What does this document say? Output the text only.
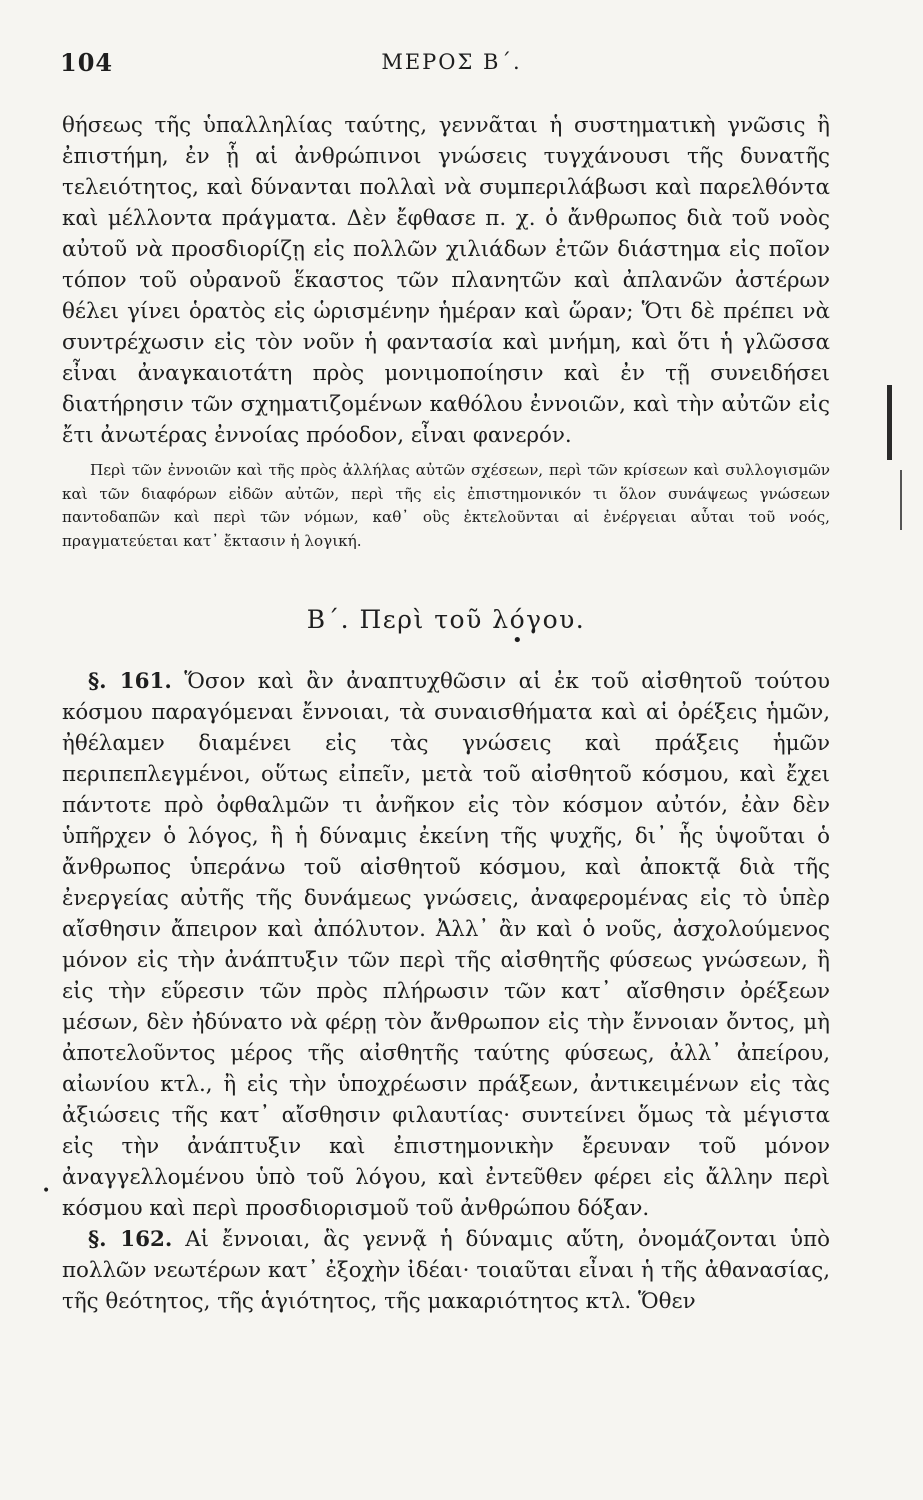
104	ΜΕΡΟΣ Β΄.

θήσεως τῆς ὑπαλληλίας ταύτης, γεννᾶται ἡ συστηματικὴ γνῶσις ἢ ἐπιστήμη, ἐν ᾗ αἱ ἀνθρώπινοι γνώσεις τυγχάνουσι τῆς δυνατῆς τελειότητος, καὶ δύνανται πολλαὶ νὰ συμπεριλάβωσι καὶ παρελθόντα καὶ μέλλοντα πράγματα. Δὲν ἔφθασε π. χ. ὁ ἄνθρωπος διὰ τοῦ νοὸς αὐτοῦ νὰ προσδιορίζῃ εἰς πολλῶν χιλιάδων ἐτῶν διάστημα εἰς ποῖον τόπον τοῦ οὐρανοῦ ἕκαστος τῶν πλανητῶν καὶ ἀπλανῶν ἀστέρων θέλει γίνει ὁρατὸς εἰς ὡρισμένην ἡμέραν καὶ ὥραν; Ὅτι δὲ πρέπει νὰ συντρέχωσιν εἰς τὸν νοῦν ἡ φαντασία καὶ μνήμη, καὶ ὅτι ἡ γλῶσσα εἶναι ἀναγκαιοτάτη πρὸς μονιμοποίησιν καὶ ἐν τῇ συνειδήσει διατήρησιν τῶν σχηματιζομένων καθόλου ἐννοιῶν, καὶ τὴν αὐτῶν εἰς ἔτι ἀνωτέρας ἐννοίας πρόοδον, εἶναι φανερόν.

Περὶ τῶν ἐννοιῶν καὶ τῆς πρὸς ἀλλήλας αὐτῶν σχέσεων, περὶ τῶν κρίσεων καὶ συλλογισμῶν καὶ τῶν διαφόρων εἰδῶν αὐτῶν, περὶ τῆς εἰς ἐπιστημονικόν τι ὅλον συνάψεως γνώσεων παντοδαπῶν καὶ περὶ τῶν νόμων, καθ᾽ οὓς ἐκτελοῦνται αἱ ἐνέργειαι αὗται τοῦ νοός, πραγματεύεται κατ᾽ ἔκτασιν ἡ λογική.

Β΄. Περὶ τοῦ λόγου.

§. 161. Ὅσον καὶ ἂν ἀναπτυχθῶσιν αἱ ἐκ τοῦ αἰσθητοῦ τούτου κόσμου παραγόμεναι ἔννοιαι, τὰ συναισθήματα καὶ αἱ ὀρέξεις ἡμῶν, ἠθέλαμεν διαμένει εἰς τὰς γνώσεις καὶ πράξεις ἡμῶν περιπεπλεγμένοι, οὕτως εἰπεῖν, μετὰ τοῦ αἰσθητοῦ κόσμου, καὶ ἔχει πάντοτε πρὸ ὀφθαλμῶν τι ἀνῆκον εἰς τὸν κόσμον αὐτόν, ἐὰν δὲν ὑπῆρχεν ὁ λόγος, ἢ ἡ δύναμις ἐκείνη τῆς ψυχῆς, δι᾽ ἧς ὑψοῦται ὁ ἄνθρωπος ὑπεράνω τοῦ αἰσθητοῦ κόσμου, καὶ ἀποκτᾷ διὰ τῆς ἐνεργείας αὐτῆς τῆς δυνάμεως γνώσεις, ἀναφερομένας εἰς τὸ ὑπὲρ αἴσθησιν ἄπειρον καὶ ἀπόλυτον. Ἀλλ᾽ ἂν καὶ ὁ νοῦς, ἀσχολούμενος μόνον εἰς τὴν ἀνάπτυξιν τῶν περὶ τῆς αἰσθητῆς φύσεως γνώσεων, ἢ εἰς τὴν εὕρεσιν τῶν πρὸς πλήρωσιν τῶν κατ᾽ αἴσθησιν ὀρέξεων μέσων, δὲν ἠδύνατο νὰ φέρῃ τὸν ἄνθρωπον εἰς τὴν ἔννοιαν ὄντος, μὴ ἀποτελοῦντος μέρος τῆς αἰσθητῆς ταύτης φύσεως, ἀλλ᾽ ἀπείρου, αἰωνίου κτλ., ἢ εἰς τὴν ὑποχρέωσιν πράξεων, ἀντικειμένων εἰς τὰς ἀξιώσεις τῆς κατ᾽ αἴσθησιν φιλαυτίας· συντείνει ὅμως τὰ μέγιστα εἰς τὴν ἀνάπτυξιν καὶ ἐπιστημονικὴν ἔρευναν τοῦ μόνον ἀναγγελλομένου ὑπὸ τοῦ λόγου, καὶ ἐντεῦθεν φέρει εἰς ἄλλην περὶ κόσμου καὶ περὶ προσδιορισμοῦ τοῦ ἀνθρώπου δόξαν.

§. 162. Αἱ ἔννοιαι, ἃς γεννᾷ ἡ δύναμις αὕτη, ὀνομάζονται ὑπὸ πολλῶν νεωτέρων κατ᾽ ἐξοχὴν ἰδέαι· τοιαῦται εἶναι ἡ τῆς ἀθανασίας, τῆς θεότητος, τῆς ἁγιότητος, τῆς μακαριότητος κτλ. Ὅθεν

•
•
